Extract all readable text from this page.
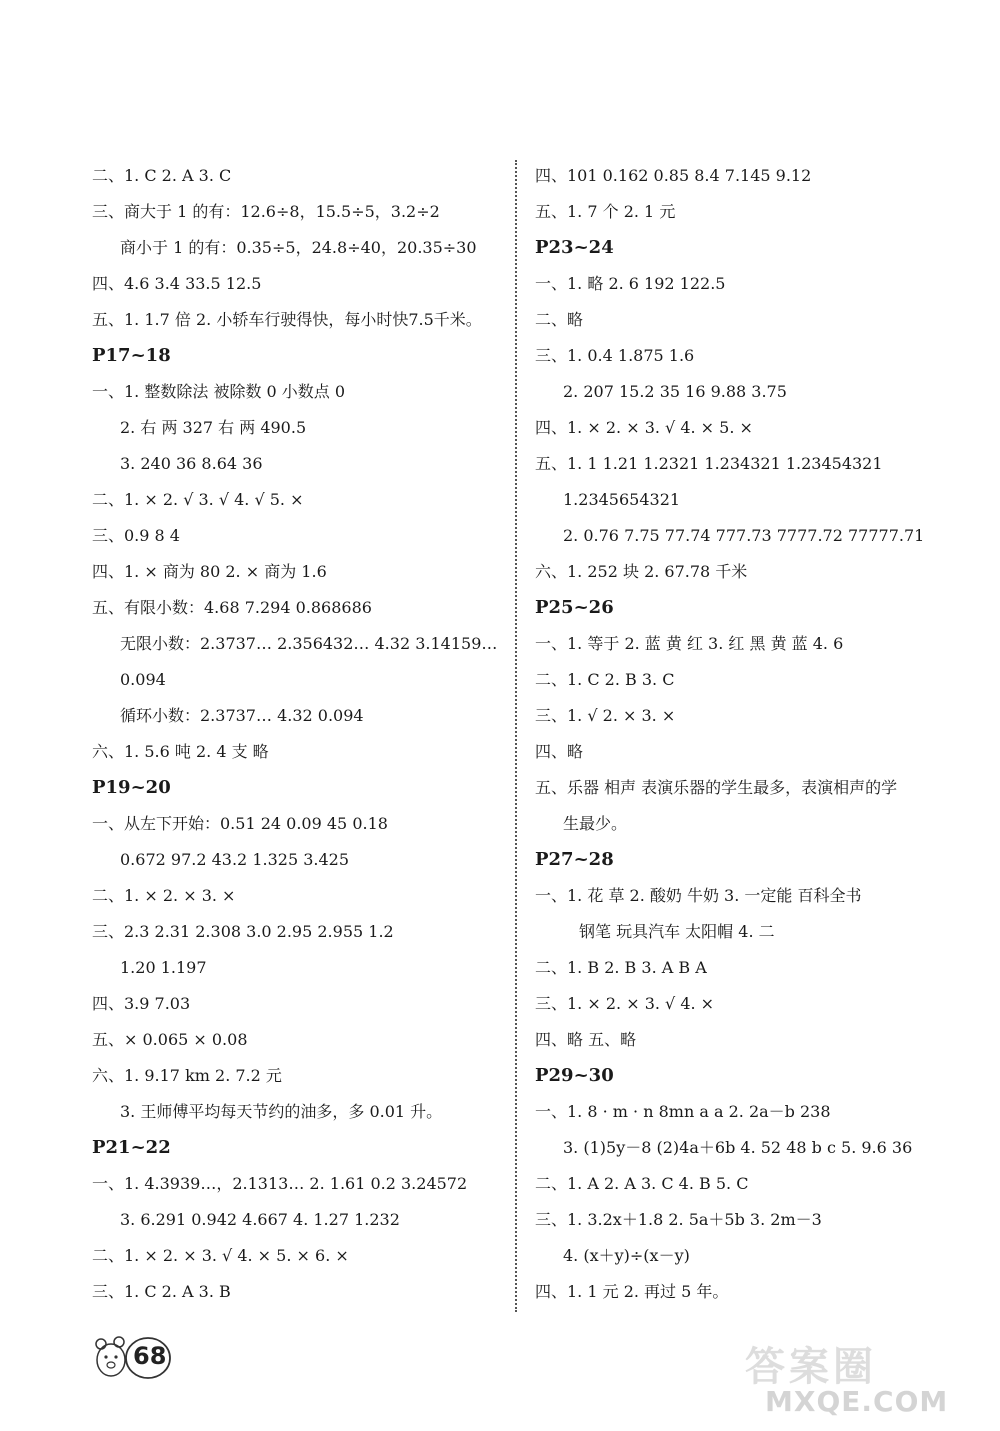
二、1. C 2. A 3. C
三、商大于 1 的有：12.6÷8，15.5÷5，3.2÷2
商小于 1 的有：0.35÷5，24.8÷40，20.35÷30
四、4.6 3.4 33.5 12.5
五、1. 1.7 倍 2. 小轿车行驶得快，每小时快7.5千米。
P17~18
一、1. 整数除法 被除数 0 小数点 0
2. 右 两 327 右 两 490.5
3. 240 36 8.64 36
二、1. × 2. √ 3. √ 4. √ 5. ×
三、0.9 8 4
四、1. × 商为 80 2. × 商为 1.6
五、有限小数：4.68 7.294 0.868686
无限小数：2.3737… 2.356432… 4.32 3.14159…
0.094
循环小数：2.3737… 4.32 0.094
六、1. 5.6 吨 2. 4 支 略
P19~20
一、从左下开始：0.51 24 0.09 45 0.18
0.672 97.2 43.2 1.325 3.425
二、1. × 2. × 3. ×
三、2.3 2.31 2.308 3.0 2.95 2.955 1.2
1.20 1.197
四、3.9 7.03
五、× 0.065 × 0.08
六、1. 9.17 km 2. 7.2 元
3. 王师傅平均每天节约的油多，多 0.01 升。
P21~22
一、1. 4.3939…，2.1313… 2. 1.61 0.2 3.24572
3. 6.291 0.942 4.667 4. 1.27 1.232
二、1. × 2. × 3. √ 4. × 5. × 6. ×
三、1. C 2. A 3. B
四、101 0.162 0.85 8.4 7.145 9.12
五、1. 7 个 2. 1 元
P23~24
一、1. 略 2. 6 192 122.5
二、略
三、1. 0.4 1.875 1.6
2. 207 15.2 35 16 9.88 3.75
四、1. × 2. × 3. √ 4. × 5. ×
五、1. 1 1.21 1.2321 1.234321 1.23454321
1.2345654321
2. 0.76 7.75 77.74 777.73 7777.72 77777.71
六、1. 252 块 2. 67.78 千米
P25~26
一、1. 等于 2. 蓝 黄 红 3. 红 黑 黄 蓝 4. 6
二、1. C 2. B 3. C
三、1. √ 2. × 3. ×
四、略
五、乐器 相声 表演乐器的学生最多，表演相声的学
生最少。
P27~28
一、1. 花 草 2. 酸奶 牛奶 3. 一定能 百科全书
钢笔 玩具汽车 太阳帽 4. 二
二、1. B 2. B 3. A B A
三、1. × 2. × 3. √ 4. ×
四、略 五、略
P29~30
一、1. 8 · m · n 8mn a a 2. 2a－b 238
3. (1)5y－8 (2)4a＋6b 4. 52 48 b c 5. 9.6 36
二、1. A 2. A 3. C 4. B 5. C
三、1. 3.2x＋1.8 2. 5a＋5b 3. 2m－3
4. (x＋y)÷(x－y)
四、1. 1 元 2. 再过 5 年。
68	答案圈
MXQE.COM
